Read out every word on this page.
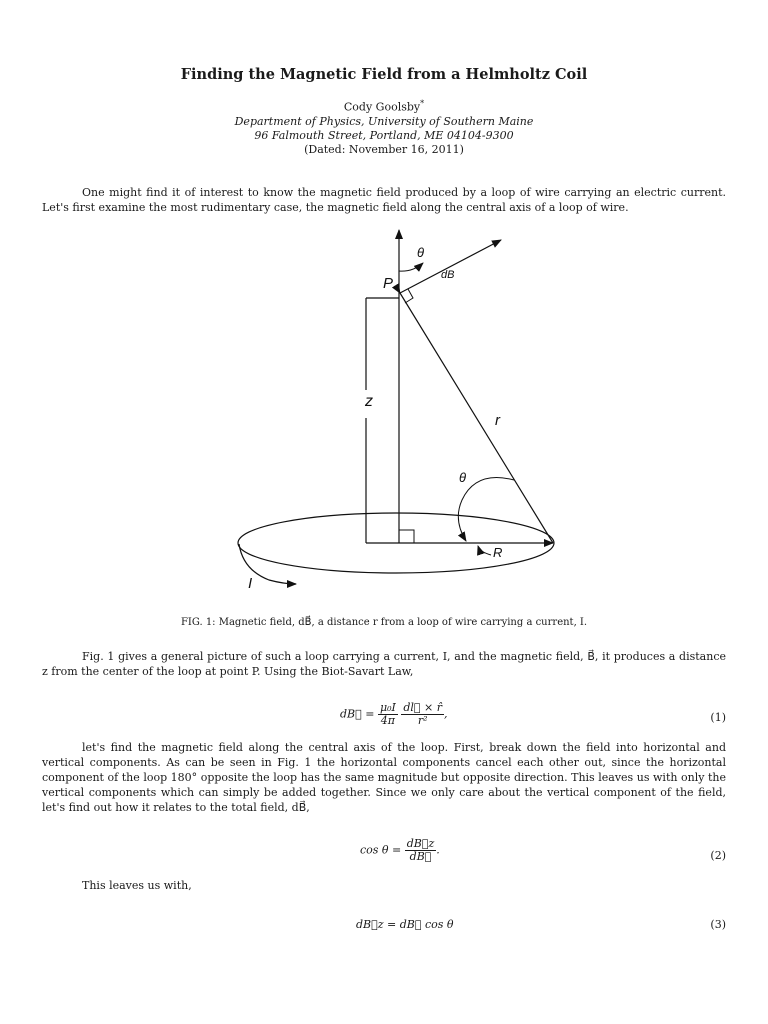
Finding the Magnetic Field from a Helmholtz Coil
Cody Goolsby*
Department of Physics, University of Southern Maine
96 Falmouth Street, Portland, ME 04104-9300
(Dated: November 16, 2011)

One might find it of interest to know the magnetic field produced by a loop of wire carrying an electric current. Let's first examine the most rudimentary case, the magnetic field along the central axis of a loop of wire.

θ
dB
P
z
r
θ
R
I
FIG. 1: Magnetic field, dB⃗, a distance r from a loop of wire carrying a current, I.

Fig. 1 gives a general picture of such a loop carrying a current, I, and the magnetic field, B⃗, it produces a distance z from the center of the loop at point P. Using the Biot-Savart Law,

dB⃗ = $\frac{\text{μ₀I}}{4\pi}$
$\frac{dl⃗ \times r̂}{\text{r²}}$ ,	(1)

let's find the magnetic field along the central axis of the loop. First, break down the field into horizontal and vertical components. As can be seen in Fig. 1 the horizontal components cancel each other out, since the horizontal component of the loop 180° opposite the loop has the same magnitude but opposite direction. This leaves us with only the vertical components which can simply be added together. Since we only care about the vertical component of the field, let's find out how it relates to the total field, dB⃗,

$\cos \theta = \frac{dB⃗z}{dB⃗}$ .	(2)

This leaves us with,

dB⃗z = dB⃗ cos θ	(3)
